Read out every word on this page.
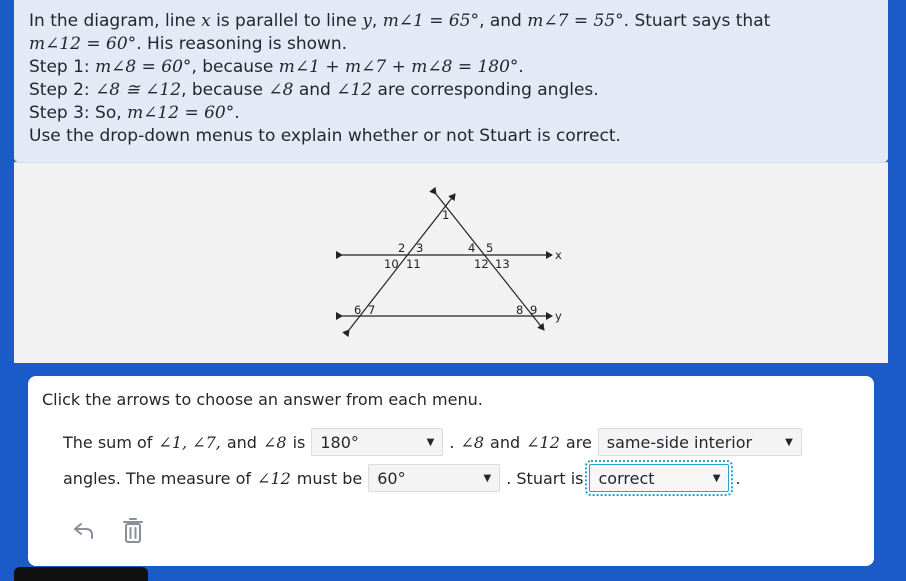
In the diagram, line x is parallel to line y, m∠1 = 65°, and m∠7 = 55°. Stuart says that
m∠12 = 60°. His reasoning is shown.
Step 1: m∠8 = 60°, because m∠1 + m∠7 + m∠8 = 180°.
Step 2: ∠8 ≅ ∠12, because ∠8 and ∠12 are corresponding angles.
Step 3: So, m∠12 = 60°.
Use the drop-down menus to explain whether or not Stuart is correct.
1
2 3
10 11
4 5
12 13
6 7	8 9
x
y
Click the arrows to choose an answer from each menu.
The sum of ∠1, ∠7, and ∠8 is 180°	▼ . ∠8 and ∠12 are same-side interior	▼
angles. The measure of ∠12 must be 60°	▼ . Stuart is correct	▼ .
